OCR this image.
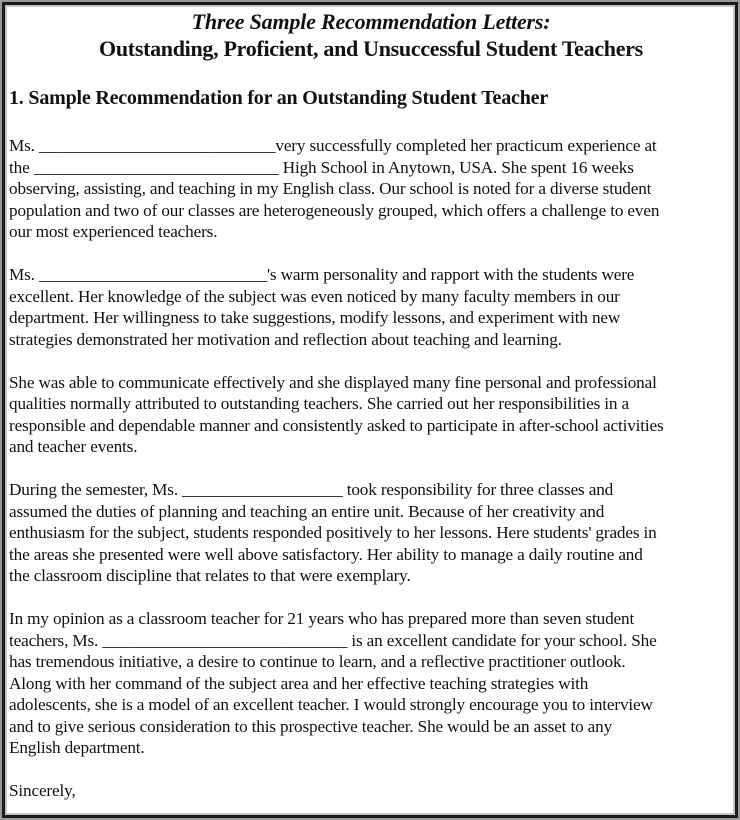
Three Sample Recommendation Letters:
Outstanding, Proficient, and Unsuccessful Student Teachers
1. Sample Recommendation for an Outstanding Student Teacher

Ms. ____________________________very successfully completed her practicum experience at
the _____________________________ High School in Anytown, USA. She spent 16 weeks
observing, assisting, and teaching in my English class. Our school is noted for a diverse student
population and two of our classes are heterogeneously grouped, which offers a challenge to even
our most experienced teachers.

Ms. ___________________________'s warm personality and rapport with the students were
excellent. Her knowledge of the subject was even noticed by many faculty members in our
department. Her willingness to take suggestions, modify lessons, and experiment with new
strategies demonstrated her motivation and reflection about teaching and learning.

She was able to communicate effectively and she displayed many fine personal and professional
qualities normally attributed to outstanding teachers. She carried out her responsibilities in a
responsible and dependable manner and consistently asked to participate in after-school activities
and teacher events.

During the semester, Ms. ___________________ took responsibility for three classes and
assumed the duties of planning and teaching an entire unit. Because of her creativity and
enthusiasm for the subject, students responded positively to her lessons. Here students' grades in
the areas she presented were well above satisfactory. Her ability to manage a daily routine and
the classroom discipline that relates to that were exemplary.

In my opinion as a classroom teacher for 21 years who has prepared more than seven student
teachers, Ms. _____________________________ is an excellent candidate for your school. She
has tremendous initiative, a desire to continue to learn, and a reflective practitioner outlook.
Along with her command of the subject area and her effective teaching strategies with
adolescents, she is a model of an excellent teacher. I would strongly encourage you to interview
and to give serious consideration to this prospective teacher. She would be an asset to any
English department.

Sincerely,
